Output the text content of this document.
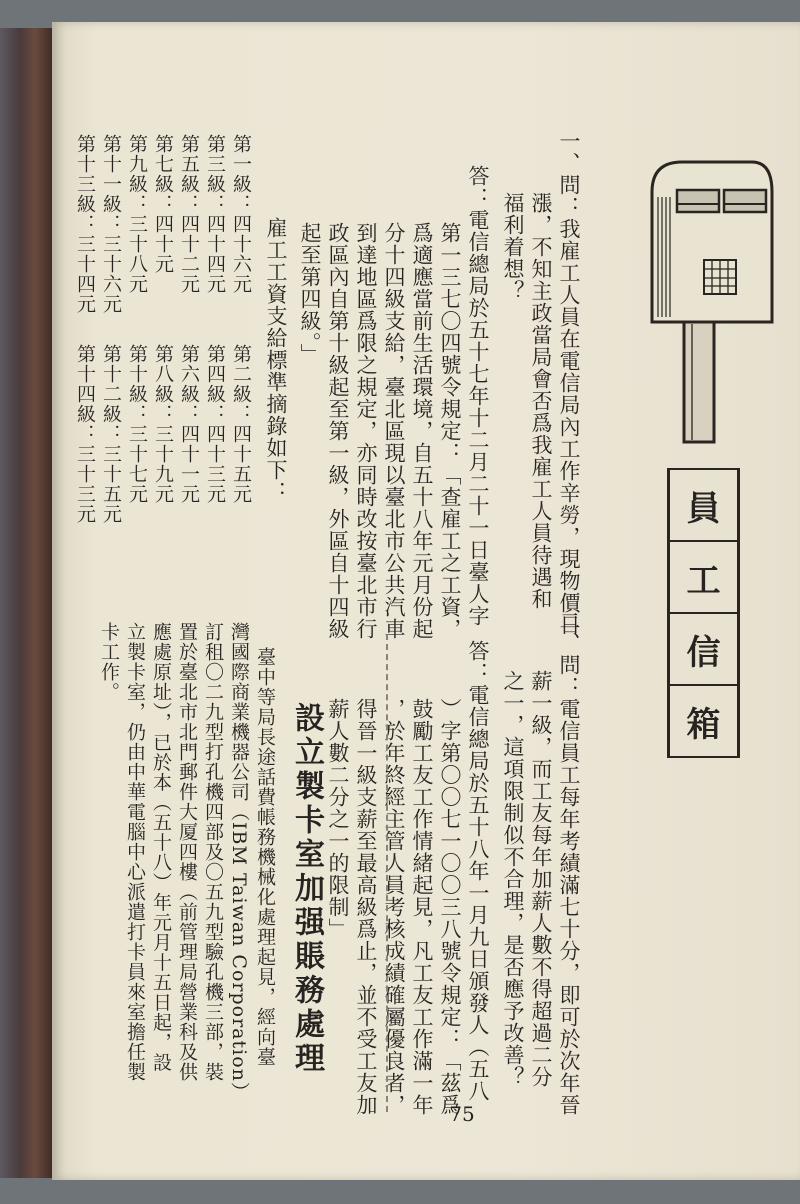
員
工
信
箱
一、問：我雇工人員在電信局內工作辛勞，現物價日
漲，不知主政當局會否爲我雇工人員待遇和
福利着想？
答：電信總局於五十七年十二月二十一日臺人字
第一三七〇四號令規定：「查雇工之工資，
爲適應當前生活環境，自五十八年元月份起
分十四級支給，臺北區現以臺北市公共汽車
到達地區爲限之規定，亦同時改按臺北市行
政區內自第十級起至第一級，外區自十四級
起至第四級。」
雇工工資支給標準摘錄如下：
第一級：四十六元
第三級：四十四元
第五級：四十二元
第七級：四十元
第九級：三十八元
第十一級：三十六元
第十三級：三十四元
第二級：四十五元
第四級：四十三元
第六級：四十一元
第八級：三十九元
第十級：三十七元
第十二級：三十五元
第十四級：三十三元
二、問：電信員工每年考績滿七十分，即可於次年晉
薪一級，而工友每年加薪人數不得超過二分
之一，這項限制似不合理，是否應予改善？
答：電信總局於五十八年一月九日頒發人（五八
）字第〇〇七一〇〇三八號令規定：「茲爲
鼓勵工友工作情緒起見，凡工友工作滿一年
，於年終經主管人員考核成績確屬優良者，
得晉一級支薪至最高級爲止，並不受工友加
薪人數二分之一的限制」
設立製卡室加强賬務處理
臺中等局長途話費帳務機械化處理起見，經向臺
灣國際商業機器公司（IBM Taiwan Corporation）
訂租〇二九型打孔機四部及〇五九型驗孔機三部，裝
置於臺北市北門郵件大厦四樓（前管理局營業科及供
應處原址），已於本（五十八）年元月十五日起，設
立製卡室，仍由中華電腦中心派遣打卡員來室擔任製
卡工作。
75
